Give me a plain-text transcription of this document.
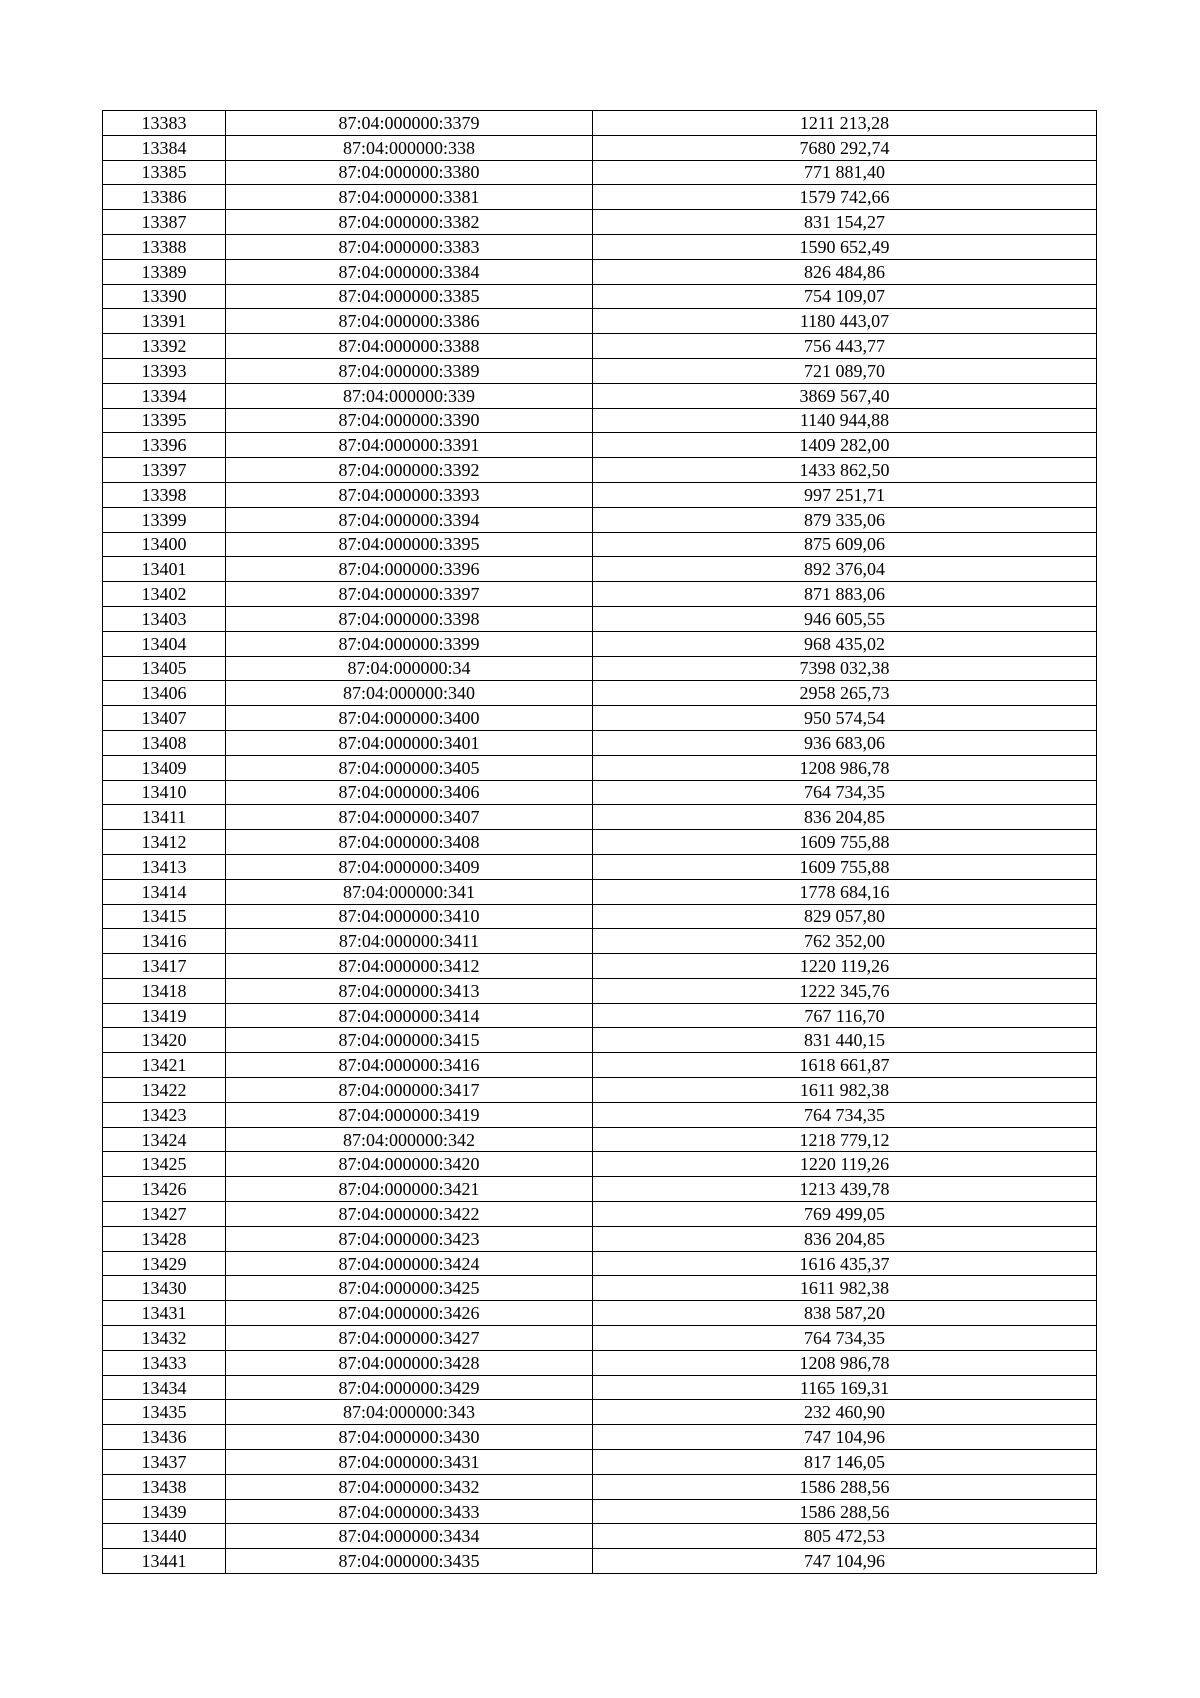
13383	87:04:000000:3379	1211 213,28
13384	87:04:000000:338	7680 292,74
13385	87:04:000000:3380	771 881,40
13386	87:04:000000:3381	1579 742,66
13387	87:04:000000:3382	831 154,27
13388	87:04:000000:3383	1590 652,49
13389	87:04:000000:3384	826 484,86
13390	87:04:000000:3385	754 109,07
13391	87:04:000000:3386	1180 443,07
13392	87:04:000000:3388	756 443,77
13393	87:04:000000:3389	721 089,70
13394	87:04:000000:339	3869 567,40
13395	87:04:000000:3390	1140 944,88
13396	87:04:000000:3391	1409 282,00
13397	87:04:000000:3392	1433 862,50
13398	87:04:000000:3393	997 251,71
13399	87:04:000000:3394	879 335,06
13400	87:04:000000:3395	875 609,06
13401	87:04:000000:3396	892 376,04
13402	87:04:000000:3397	871 883,06
13403	87:04:000000:3398	946 605,55
13404	87:04:000000:3399	968 435,02
13405	87:04:000000:34	7398 032,38
13406	87:04:000000:340	2958 265,73
13407	87:04:000000:3400	950 574,54
13408	87:04:000000:3401	936 683,06
13409	87:04:000000:3405	1208 986,78
13410	87:04:000000:3406	764 734,35
13411	87:04:000000:3407	836 204,85
13412	87:04:000000:3408	1609 755,88
13413	87:04:000000:3409	1609 755,88
13414	87:04:000000:341	1778 684,16
13415	87:04:000000:3410	829 057,80
13416	87:04:000000:3411	762 352,00
13417	87:04:000000:3412	1220 119,26
13418	87:04:000000:3413	1222 345,76
13419	87:04:000000:3414	767 116,70
13420	87:04:000000:3415	831 440,15
13421	87:04:000000:3416	1618 661,87
13422	87:04:000000:3417	1611 982,38
13423	87:04:000000:3419	764 734,35
13424	87:04:000000:342	1218 779,12
13425	87:04:000000:3420	1220 119,26
13426	87:04:000000:3421	1213 439,78
13427	87:04:000000:3422	769 499,05
13428	87:04:000000:3423	836 204,85
13429	87:04:000000:3424	1616 435,37
13430	87:04:000000:3425	1611 982,38
13431	87:04:000000:3426	838 587,20
13432	87:04:000000:3427	764 734,35
13433	87:04:000000:3428	1208 986,78
13434	87:04:000000:3429	1165 169,31
13435	87:04:000000:343	232 460,90
13436	87:04:000000:3430	747 104,96
13437	87:04:000000:3431	817 146,05
13438	87:04:000000:3432	1586 288,56
13439	87:04:000000:3433	1586 288,56
13440	87:04:000000:3434	805 472,53
13441	87:04:000000:3435	747 104,96
